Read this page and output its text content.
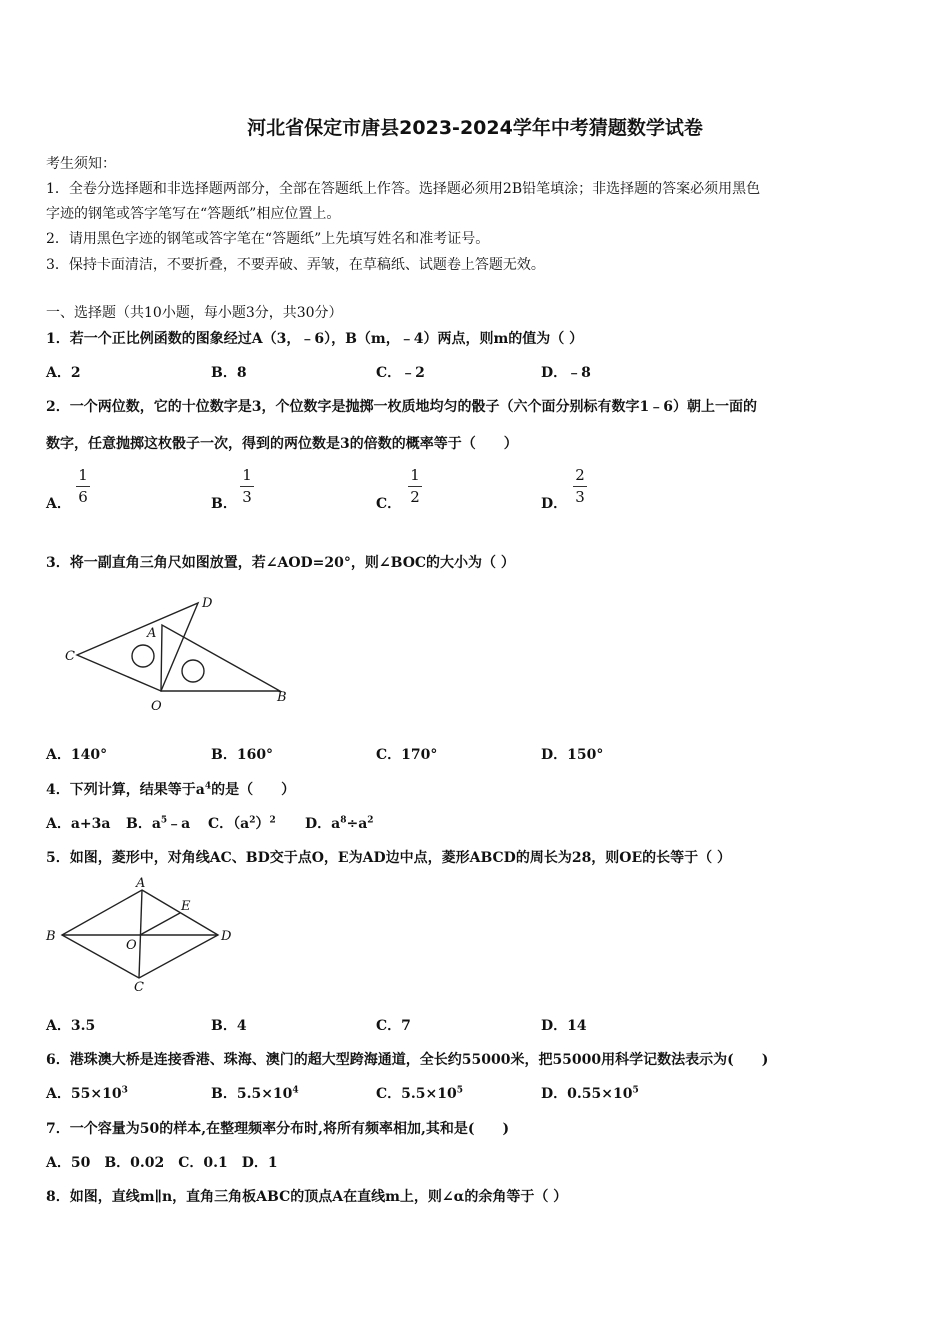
河北省保定市唐县2023-2024学年中考猜题数学试卷
考生须知：
1．全卷分选择题和非选择题两部分，全部在答题纸上作答。选择题必须用2B铅笔填涂；非选择题的答案必须用黑色
字迹的钢笔或答字笔写在“答题纸”相应位置上。
2．请用黑色字迹的钢笔或答字笔在“答题纸”上先填写姓名和准考证号。
3．保持卡面清洁，不要折叠，不要弄破、弄皱，在草稿纸、试题卷上答题无效。
一、选择题（共10小题，每小题3分，共30分）
1．若一个正比例函数的图象经过A（3，﹣6），B（m，﹣4）两点，则m的值为（ ）
A．2	B．8	C．﹣2	D．﹣8
2．一个两位数，它的十位数字是3，个位数字是抛掷一枚质地均匀的骰子（六个面分别标有数字1﹣6）朝上一面的
数字，任意抛掷这枚骰子一次，得到的两位数是3的倍数的概率等于（　　）
A． $\frac{1}{6}$	B． $\frac{1}{3}$	C． $\frac{1}{2}$	D． $\frac{2}{3}$
3．将一副直角三角尺如图放置，若∠AOD=20°，则∠BOC的大小为（ ）
C
A
D
O
B
A．140°	B．160°	C．170°	D．150°
4．下列计算，结果等于$a^4$的是（　　）
A．a+3a B．$a^5﹣a$ C．$(a^2)^2$ D．$a^8\div a^2$
5．如图，菱形中，对角线AC、BD交于点O，E为AD边中点，菱形ABCD的周长为28，则OE的长等于（ ）
A
E
B
O
D
C
A．3.5	B．4	C．7	D．14
6．港珠澳大桥是连接香港、珠海、澳门的超大型跨海通道，全长约55000米，把55000用科学记数法表示为(　　)
A．$55\times 10^3$	B．$5.5\times 10^4$	C．$5.5\times 10^5$	D．$0.55\times 10^5$
7．一个容量为50的样本,在整理频率分布时,将所有频率相加,其和是(　　)
A．50　B．0.02　C．0.1　D．1
8．如图，直线m∥n，直角三角板ABC的顶点A在直线m上，则∠α的余角等于（ ）
